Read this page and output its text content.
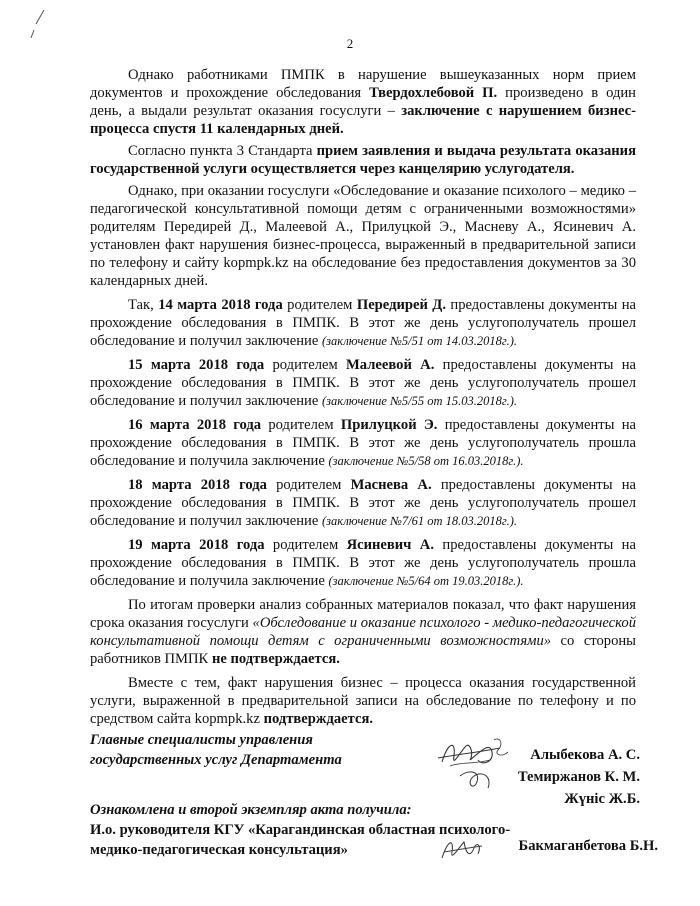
2

Однако работниками ПМПК в нарушение вышеуказанных норм прием документов и прохождение обследования Твердохлебовой П. произведено в один день, а выдали результат оказания госуслуги – заключение с нарушением бизнес-процесса спустя 11 календарных дней.

Согласно пункта 3 Стандарта прием заявления и выдача результата оказания государственной услуги осуществляется через канцелярию услугодателя.

Однако, при оказании госуслуги «Обследование и оказание психолого – медико – педагогической консультативной помощи детям с ограниченными возможностями» родителям Передирей Д., Малеевой А., Прилуцкой Э., Масневу А., Ясиневич А. установлен факт нарушения бизнес-процесса, выраженный в предварительной записи по телефону и сайту kopmpk.kz на обследование без предоставления документов за 30 календарных дней.

Так, 14 марта 2018 года родителем Передирей Д. предоставлены документы на прохождение обследования в ПМПК. В этот же день услугополучатель прошел обследование и получил заключение (заключение №5/51 от 14.03.2018г.).

15 марта 2018 года родителем Малеевой А. предоставлены документы на прохождение обследования в ПМПК. В этот же день услугополучатель прошел обследование и получил заключение (заключение №5/55 от 15.03.2018г.).

16 марта 2018 года родителем Прилуцкой Э. предоставлены документы на прохождение обследования в ПМПК. В этот же день услугополучатель прошла обследование и получила заключение (заключение №5/58 от 16.03.2018г.).

18 марта 2018 года родителем Маснева А. предоставлены документы на прохождение обследования в ПМПК. В этот же день услугополучатель прошел обследование и получил заключение (заключение №7/61 от 18.03.2018г.).

19 марта 2018 года родителем Ясиневич А. предоставлены документы на прохождение обследования в ПМПК. В этот же день услугополучатель прошла обследование и получила заключение (заключение №5/64 от 19.03.2018г.).

По итогам проверки анализ собранных материалов показал, что факт нарушения срока оказания госуслуги «Обследование и оказание психолого - медико-педагогической консультативной помощи детям с ограниченными возможностями» со стороны работников ПМПК не подтверждается.

Вместе с тем, факт нарушения бизнес – процесса оказания государственной услуги, выраженной в предварительной записи на обследование по телефону и по средством сайта kopmpk.kz подтверждается.

Главные специалисты управления
государственных услуг Департамента	Алыбекова А. С.
Темиржанов К. М.
Жүніс Ж.Б.
Ознакомлена и второй экземпляр акта получила:
И.о. руководителя КГУ «Карагандинская областная психолого-
медико-педагогическая консультация»	Бакмаганбетова Б.Н.
